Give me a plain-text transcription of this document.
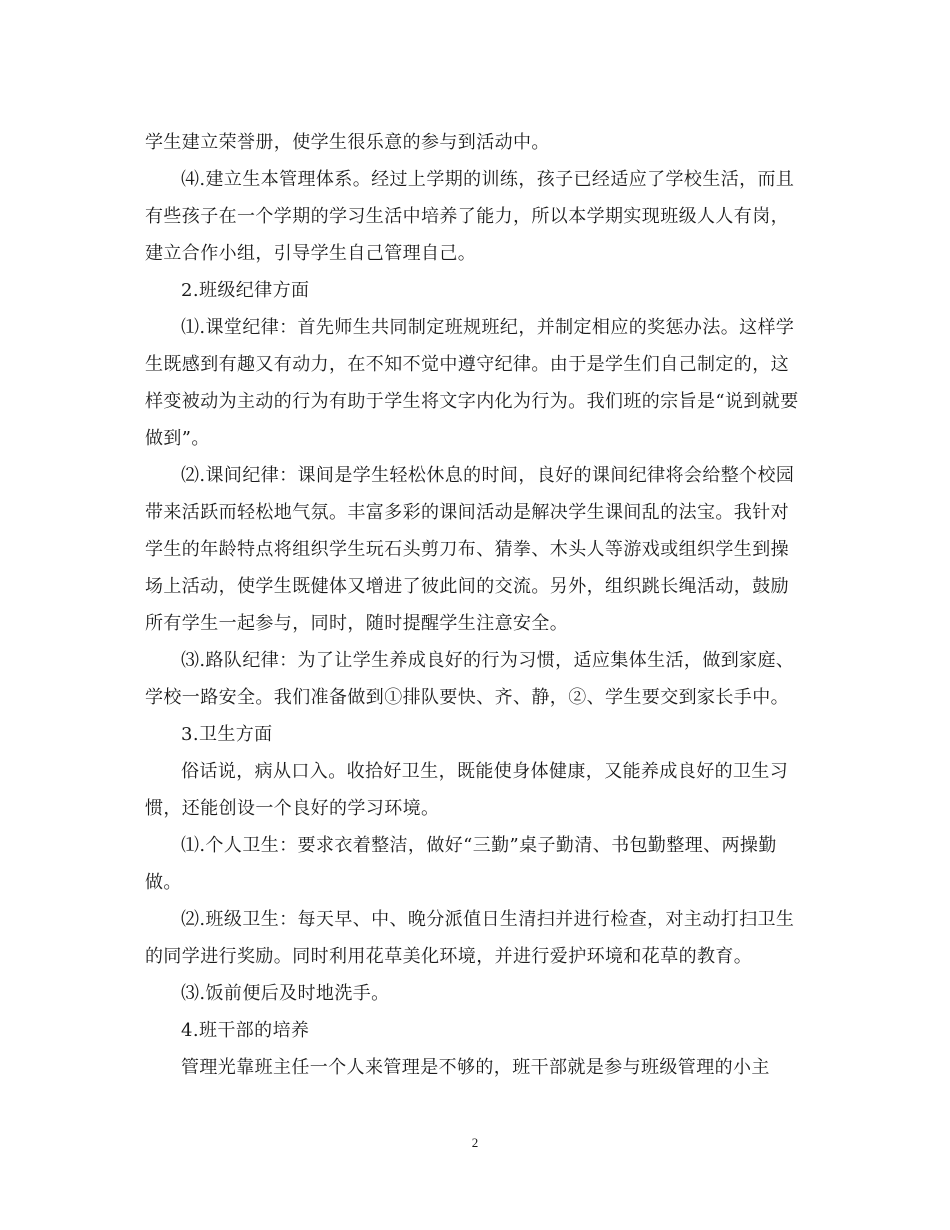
学生建立荣誉册，使学生很乐意的参与到活动中。

⑷.建立生本管理体系。经过上学期的训练，孩子已经适应了学校生活，而且有些孩子在一个学期的学习生活中培养了能力，所以本学期实现班级人人有岗，建立合作小组，引导学生自己管理自己。

2.班级纪律方面

⑴.课堂纪律：首先师生共同制定班规班纪，并制定相应的奖惩办法。这样学生既感到有趣又有动力，在不知不觉中遵守纪律。由于是学生们自己制定的，这样变被动为主动的行为有助于学生将文字内化为行为。我们班的宗旨是“说到就要做到”。

⑵.课间纪律：课间是学生轻松休息的时间，良好的课间纪律将会给整个校园带来活跃而轻松地气氛。丰富多彩的课间活动是解决学生课间乱的法宝。我针对学生的年龄特点将组织学生玩石头剪刀布、猜拳、木头人等游戏或组织学生到操场上活动，使学生既健体又增进了彼此间的交流。另外，组织跳长绳活动，鼓励所有学生一起参与，同时，随时提醒学生注意安全。

⑶.路队纪律：为了让学生养成良好的行为习惯，适应集体生活，做到家庭、学校一路安全。我们准备做到①排队要快、齐、静，②、学生要交到家长手中。

3.卫生方面

俗话说，病从口入。收拾好卫生，既能使身体健康，又能养成良好的卫生习惯，还能创设一个良好的学习环境。

⑴.个人卫生：要求衣着整洁，做好“三勤”桌子勤清、书包勤整理、两操勤做。

⑵.班级卫生：每天早、中、晚分派值日生清扫并进行检查，对主动打扫卫生的同学进行奖励。同时利用花草美化环境，并进行爱护环境和花草的教育。

⑶.饭前便后及时地洗手。

4.班干部的培养

管理光靠班主任一个人来管理是不够的，班干部就是参与班级管理的小主

2
